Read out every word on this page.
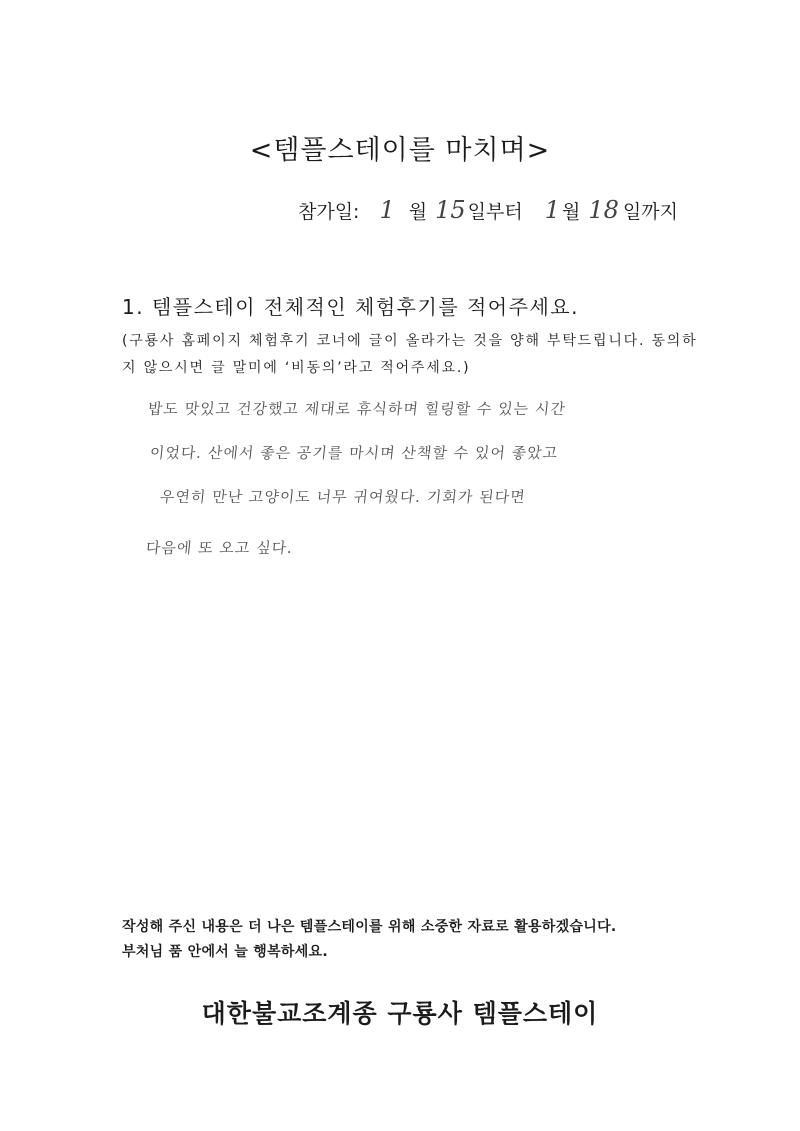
<템플스테이를 마치며>
참가일: 1 월 15 일부터 1 월 18 일까지
1. 템플스테이 전체적인 체험후기를 적어주세요.
(구룡사 홈페이지 체험후기 코너에 글이 올라가는 것을 양해 부탁드립니다. 동의하지 않으시면 글 말미에 ‘비동의’라고 적어주세요.)
밥도 맛있고 건강했고 제대로 휴식하며 힐링할 수 있는 시간
이었다. 산에서 좋은 공기를 마시며 산책할 수 있어 좋았고
우연히 만난 고양이도 너무 귀여웠다. 기회가 된다면
다음에 또 오고 싶다.
작성해 주신 내용은 더 나은 템플스테이를 위해 소중한 자료로 활용하겠습니다.
부처님 품 안에서 늘 행복하세요.
대한불교조계종 구룡사 템플스테이
